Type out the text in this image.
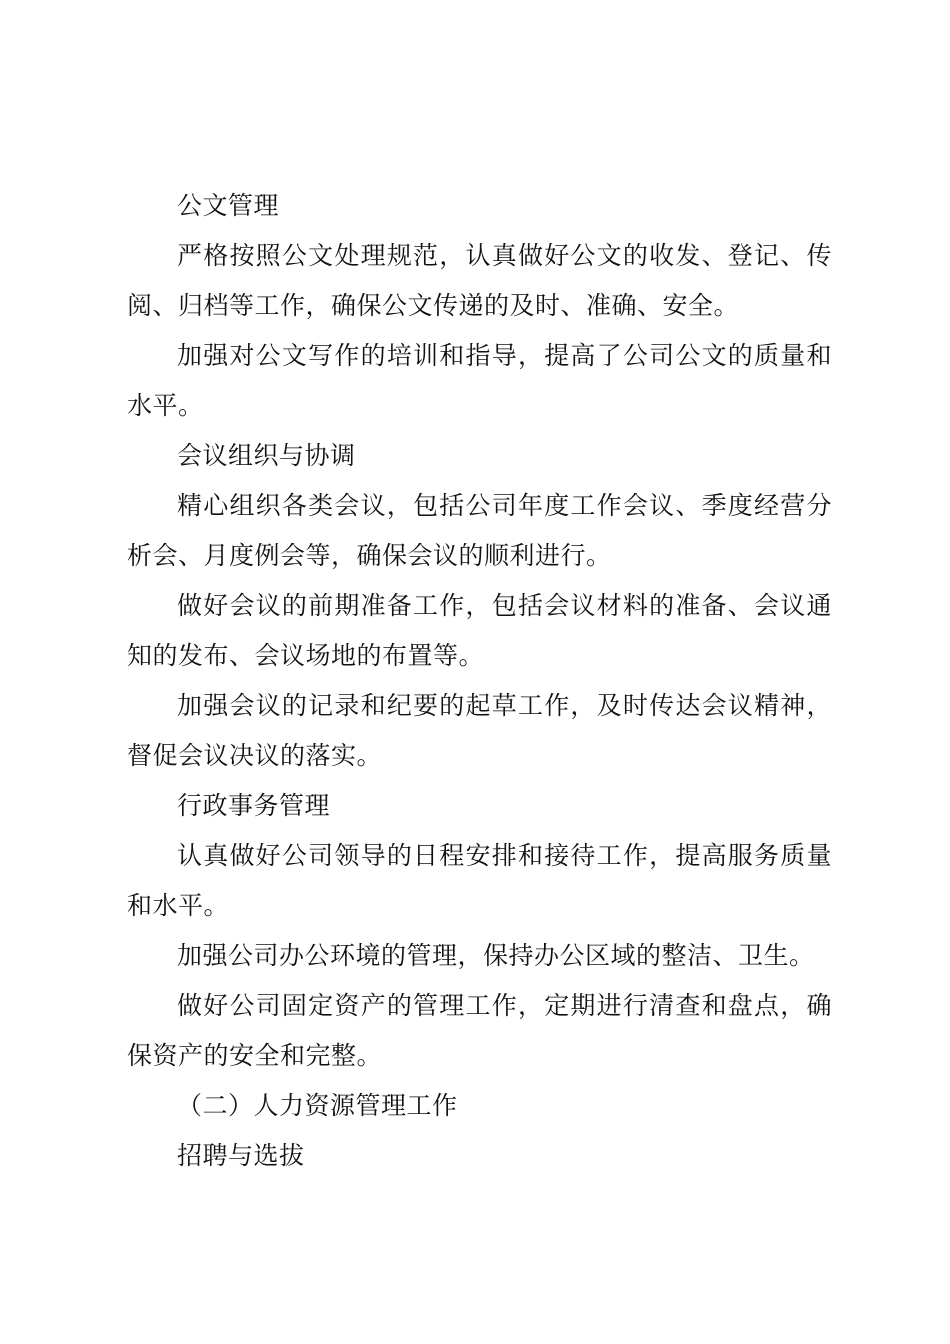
公文管理

严格按照公文处理规范，认真做好公文的收发、登记、传阅、归档等工作，确保公文传递的及时、准确、安全。

加强对公文写作的培训和指导，提高了公司公文的质量和水平。

会议组织与协调

精心组织各类会议，包括公司年度工作会议、季度经营分析会、月度例会等，确保会议的顺利进行。

做好会议的前期准备工作，包括会议材料的准备、会议通知的发布、会议场地的布置等。

加强会议的记录和纪要的起草工作，及时传达会议精神，督促会议决议的落实。

行政事务管理

认真做好公司领导的日程安排和接待工作，提高服务质量和水平。

加强公司办公环境的管理，保持办公区域的整洁、卫生。

做好公司固定资产的管理工作，定期进行清查和盘点，确保资产的安全和完整。

（二）人力资源管理工作

招聘与选拔
